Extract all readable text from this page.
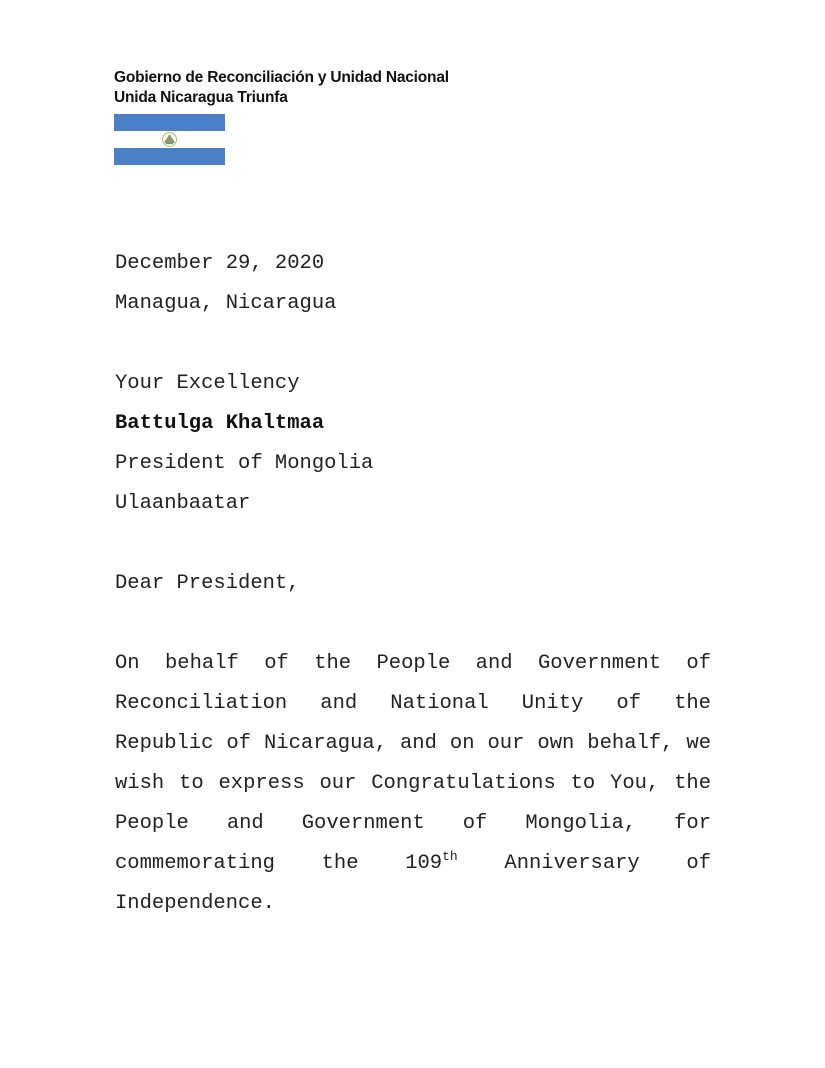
Gobierno de Reconciliación y Unidad Nacional
Unida Nicaragua Triunfa
December 29, 2020
Managua, Nicaragua
Your Excellency
Battulga Khaltmaa
President of Mongolia
Ulaanbaatar
Dear President,
On behalf of the People and Government of Reconciliation and National Unity of the Republic of Nicaragua, and on our own behalf, we wish to express our Congratulations to You, the People and Government of Mongolia, for commemorating the 109th Anniversary of Independence.
